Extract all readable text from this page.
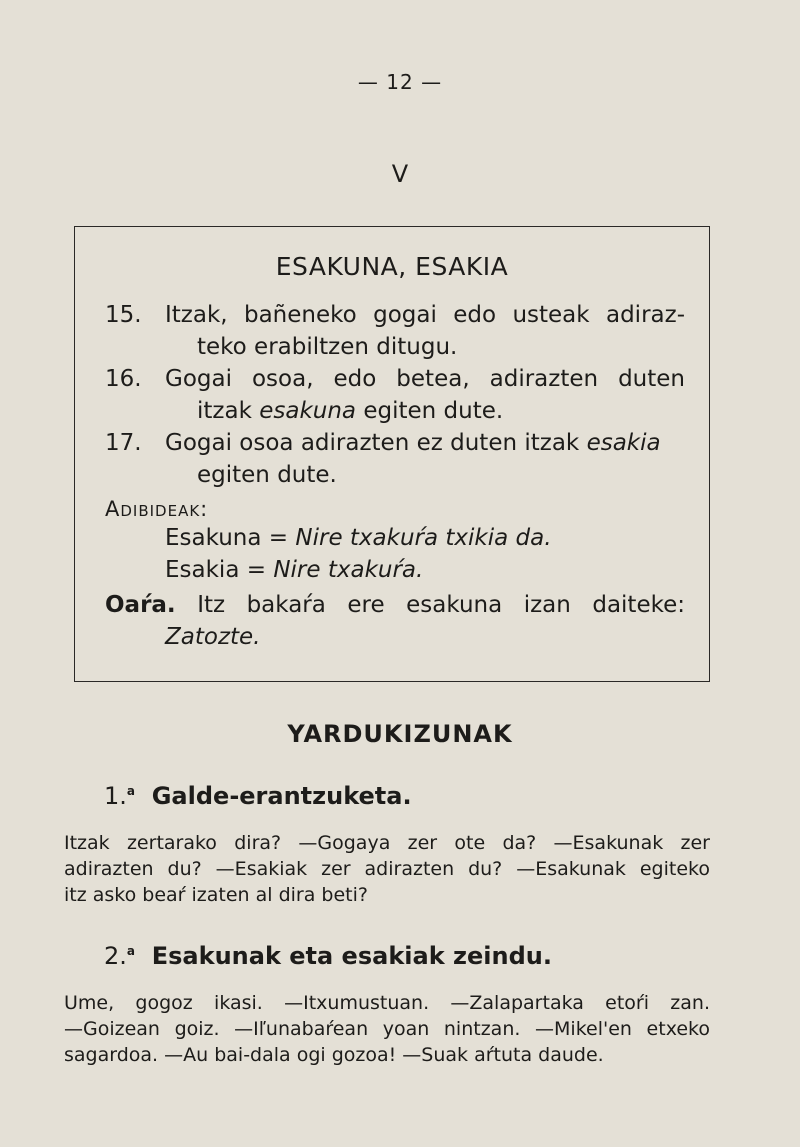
— 12 —
V
ESAKUNA, ESAKIA
15. Itzak, bañeneko gogai edo usteak adiraz-
teko erabiltzen ditugu.
16. Gogai osoa, edo betea, adirazten duten
itzak esakuna egiten dute.
17. Gogai osoa adirazten ez duten itzak esakia
egiten dute.
Adibideak:
Esakuna = Nire txakuŕa txikia da.
Esakia = Nire txakuŕa.
Oaŕa. Itz bakaŕa ere esakuna izan daiteke:
Zatozte.
YARDUKIZUNAK
1.$^a$ Galde-erantzuketa.
Itzak zertarako dira? —Gogaya zer ote da? —Esakunak zer
adirazten du? —Esakiak zer adirazten du? —Esakunak egiteko
itz asko beaŕ izaten al dira beti?
2.$^a$ Esakunak eta esakiak zeindu.
Ume, gogoz ikasi. —Itxumustuan. —Zalapartaka etoŕi zan.
—Goizean goiz. —Iľunabaŕean yoan nintzan. —Mikel'en etxeko
sagardoa. —Au bai-dala ogi gozoa! —Suak aŕtuta daude.
